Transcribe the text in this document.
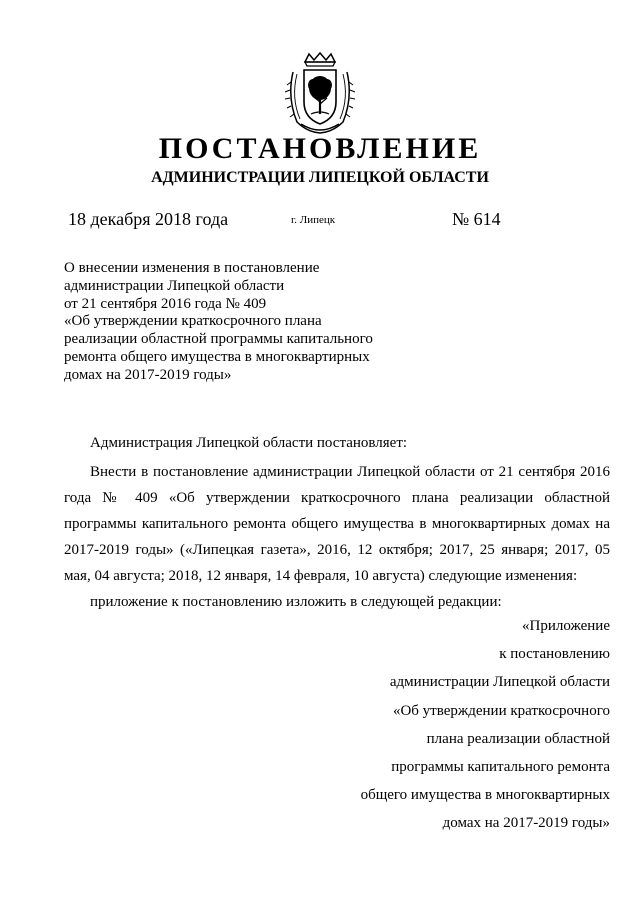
ПОСТАНОВЛЕНИЕ
АДМИНИСТРАЦИИ ЛИПЕЦКОЙ ОБЛАСТИ
18 декабря 2018 года	г. Липецк	№ 614
О внесении изменения в постановление
администрации Липецкой области
от 21 сентября 2016 года № 409
«Об утверждении краткосрочного плана
реализации областной программы капитального
ремонта общего имущества в многоквартирных
домах на 2017-2019 годы»

Администрация Липецкой области постановляет:

Внести в постановление администрации Липецкой области от 21 сентября 2016
года № 409 «Об утверждении краткосрочного плана реализации областной
программы капитального ремонта общего имущества в многоквартирных домах на
2017-2019 годы» («Липецкая газета», 2016, 12 октября; 2017, 25 января; 2017, 05
мая, 04 августа; 2018, 12 января, 14 февраля, 10 августа) следующие изменения:

приложение к постановлению изложить в следующей редакции:

«Приложение
к постановлению
администрации Липецкой области
«Об утверждении краткосрочного
плана реализации областной
программы капитального ремонта
общего имущества в многоквартирных
домах на 2017-2019 годы»
